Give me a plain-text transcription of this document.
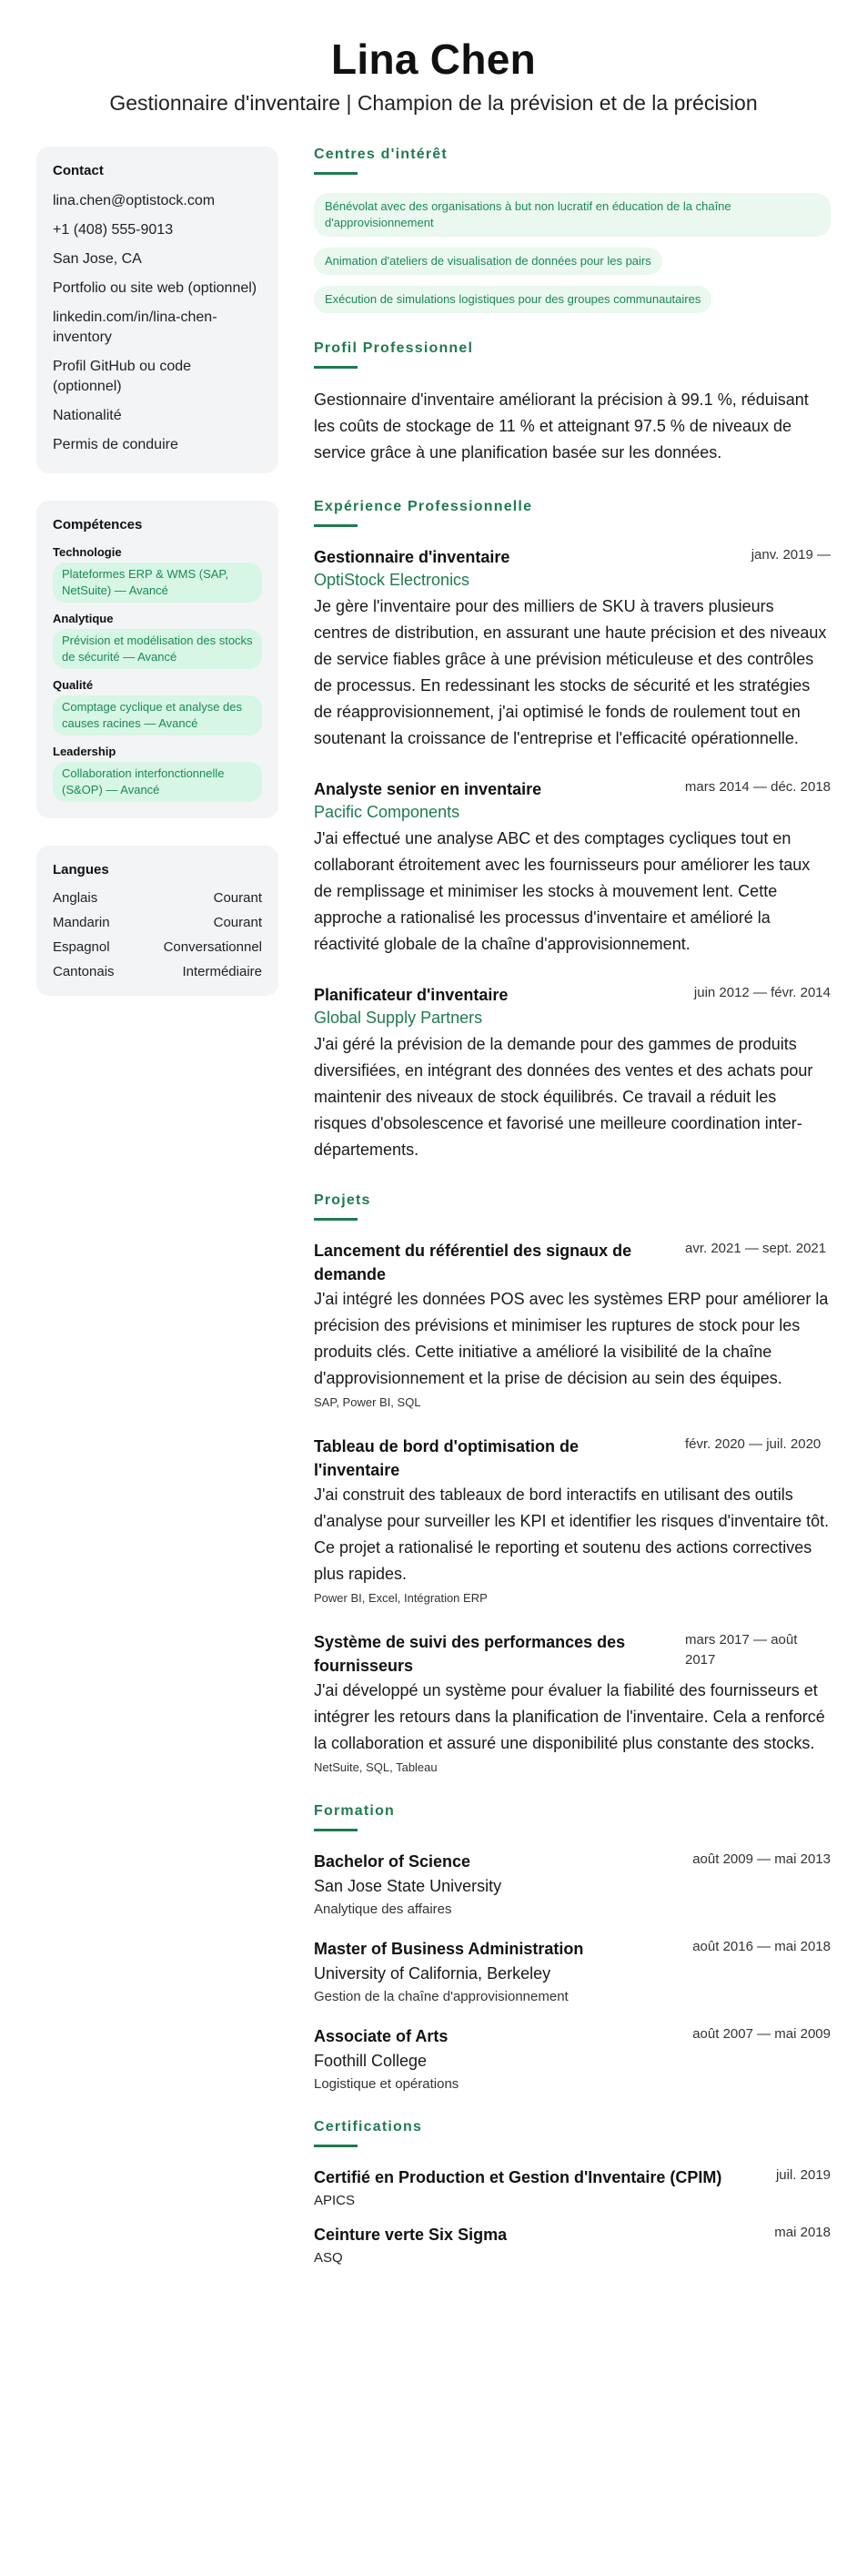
Lina Chen
Gestionnaire d'inventaire | Champion de la prévision et de la précision
Contact
lina.chen@optistock.com
+1 (408) 555-9013
San Jose, CA
Portfolio ou site web (optionnel)
linkedin.com/in/lina-chen-inventory
Profil GitHub ou code (optionnel)
Nationalité
Permis de conduire
Compétences
Technologie
Plateformes ERP & WMS (SAP, NetSuite) — Avancé
Analytique
Prévision et modélisation des stocks de sécurité — Avancé
Qualité
Comptage cyclique et analyse des causes racines — Avancé
Leadership
Collaboration interfonctionnelle (S&OP) — Avancé
Langues
Anglais	Courant
Mandarin	Courant
Espagnol	Conversationnel
Cantonais	Intermédiaire
Centres d'intérêt
Bénévolat avec des organisations à but non lucratif en éducation de la chaîne d'approvisionnement
Animation d'ateliers de visualisation de données pour les pairs
Exécution de simulations logistiques pour des groupes communautaires
Profil Professionnel

Gestionnaire d'inventaire améliorant la précision à 99.1 %, réduisant les coûts de stockage de 11 % et atteignant 97.5 % de niveaux de service grâce à une planification basée sur les données.

Expérience Professionnelle
Gestionnaire d'inventaire	janv. 2019 —
OptiStock Electronics
Je gère l'inventaire pour des milliers de SKU à travers plusieurs centres de distribution, en assurant une haute précision et des niveaux de service fiables grâce à une prévision méticuleuse et des contrôles de processus. En redessinant les stocks de sécurité et les stratégies de réapprovisionnement, j'ai optimisé le fonds de roulement tout en soutenant la croissance de l'entreprise et l'efficacité opérationnelle.
Analyste senior en inventaire	mars 2014 — déc. 2018
Pacific Components
J'ai effectué une analyse ABC et des comptages cycliques tout en collaborant étroitement avec les fournisseurs pour améliorer les taux de remplissage et minimiser les stocks à mouvement lent. Cette approche a rationalisé les processus d'inventaire et amélioré la réactivité globale de la chaîne d'approvisionnement.
Planificateur d'inventaire	juin 2012 — févr. 2014
Global Supply Partners
J'ai géré la prévision de la demande pour des gammes de produits diversifiées, en intégrant des données des ventes et des achats pour maintenir des niveaux de stock équilibrés. Ce travail a réduit les risques d'obsolescence et favorisé une meilleure coordination inter-départements.
Projets
Lancement du référentiel des signaux de demande
avr. 2021 — sept. 2021
J'ai intégré les données POS avec les systèmes ERP pour améliorer la précision des prévisions et minimiser les ruptures de stock pour les produits clés. Cette initiative a amélioré la visibilité de la chaîne d'approvisionnement et la prise de décision au sein des équipes.
SAP, Power BI, SQL
Tableau de bord d'optimisation de l'inventaire
févr. 2020 — juil. 2020
J'ai construit des tableaux de bord interactifs en utilisant des outils d'analyse pour surveiller les KPI et identifier les risques d'inventaire tôt. Ce projet a rationalisé le reporting et soutenu des actions correctives plus rapides.
Power BI, Excel, Intégration ERP
Système de suivi des performances des fournisseurs
mars 2017 — août 2017
J'ai développé un système pour évaluer la fiabilité des fournisseurs et intégrer les retours dans la planification de l'inventaire. Cela a renforcé la collaboration et assuré une disponibilité plus constante des stocks.
NetSuite, SQL, Tableau
Formation
Bachelor of Science	août 2009 — mai 2013
San Jose State University
Analytique des affaires
Master of Business Administration	août 2016 — mai 2018
University of California, Berkeley
Gestion de la chaîne d'approvisionnement
Associate of Arts	août 2007 — mai 2009
Foothill College
Logistique et opérations
Certifications
Certifié en Production et Gestion d'Inventaire (CPIM)	juil. 2019
APICS
Ceinture verte Six Sigma	mai 2018
ASQ
